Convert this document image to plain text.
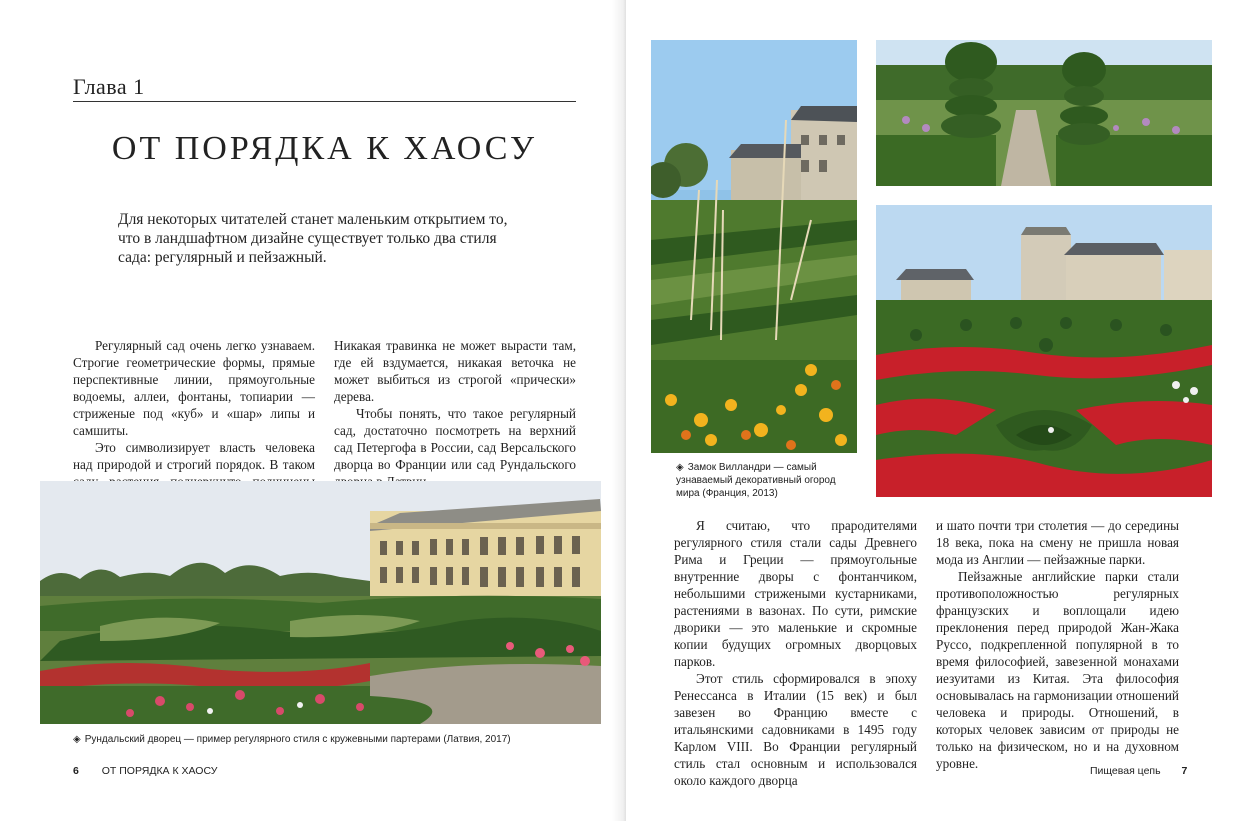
Глава 1
ОТ ПОРЯДКА К ХАОСУ
Для некоторых читателей станет маленьким открытием то, что в ландшафтном дизайне существует только два стиля сада: регулярный и пейзажный.

Регулярный сад очень легко узнаваем. Строгие геометрические формы, прямые перспективные линии, прямоугольные водоемы, аллеи, фонтаны, топиарии — стриженые под «куб» и «шар» липы и самшиты.

Это символизирует власть человека над природой и строгий порядок. В таком

Никакая травинка не может вырасти там, где ей вздумается, никакая веточка не может выбиться из строгой «прически» дерева.

Чтобы понять, что такое регулярный сад, достаточно посмотреть на верхний сад Петергофа в России, сад Версальского дворца во Франции или сад Рундальского

◈ Рундальский дворец — пример регулярного стиля с кружевными партерами (Латвия, 2017)
6 ОТ ПОРЯДКА К ХАОСУ
◈ Замок Вилландри — самый узнаваемый декоративный огород мира (Франция, 2013)

Я считаю, что прародителями регулярного стиля стали сады Древнего Рима и Греции — прямоугольные внутренние дворы с фонтанчиком, небольшими стрижеными кустарниками, растениями в вазонах. По сути, римские дворики — это маленькие и скромные копии будущих огромных дворцовых парков.

Этот стиль сформировался в эпоху Ренессанса в Италии (15 век) и был завезен во Францию вместе с итальянскими садовниками в 1495 году Карлом VIII. Во Франции регулярный стиль стал основным и использовался около каждого дворца

и шато почти три столетия — до середины 18 века, пока на смену не пришла новая мода из Англии — пейзажные парки.

Пейзажные английские парки стали противоположностью регулярных французских и воплощали идею преклонения перед природой Жан-Жака Руссо, подкрепленной популярной в то время философией, завезенной монахами иезуитами из Китая. Эта философия основывалась на гармонизации отношений человека и природы. Отношений, в которых человек зависим от природы не только на физическом, но и на духовном уровне.	Пищевая цепь 7
